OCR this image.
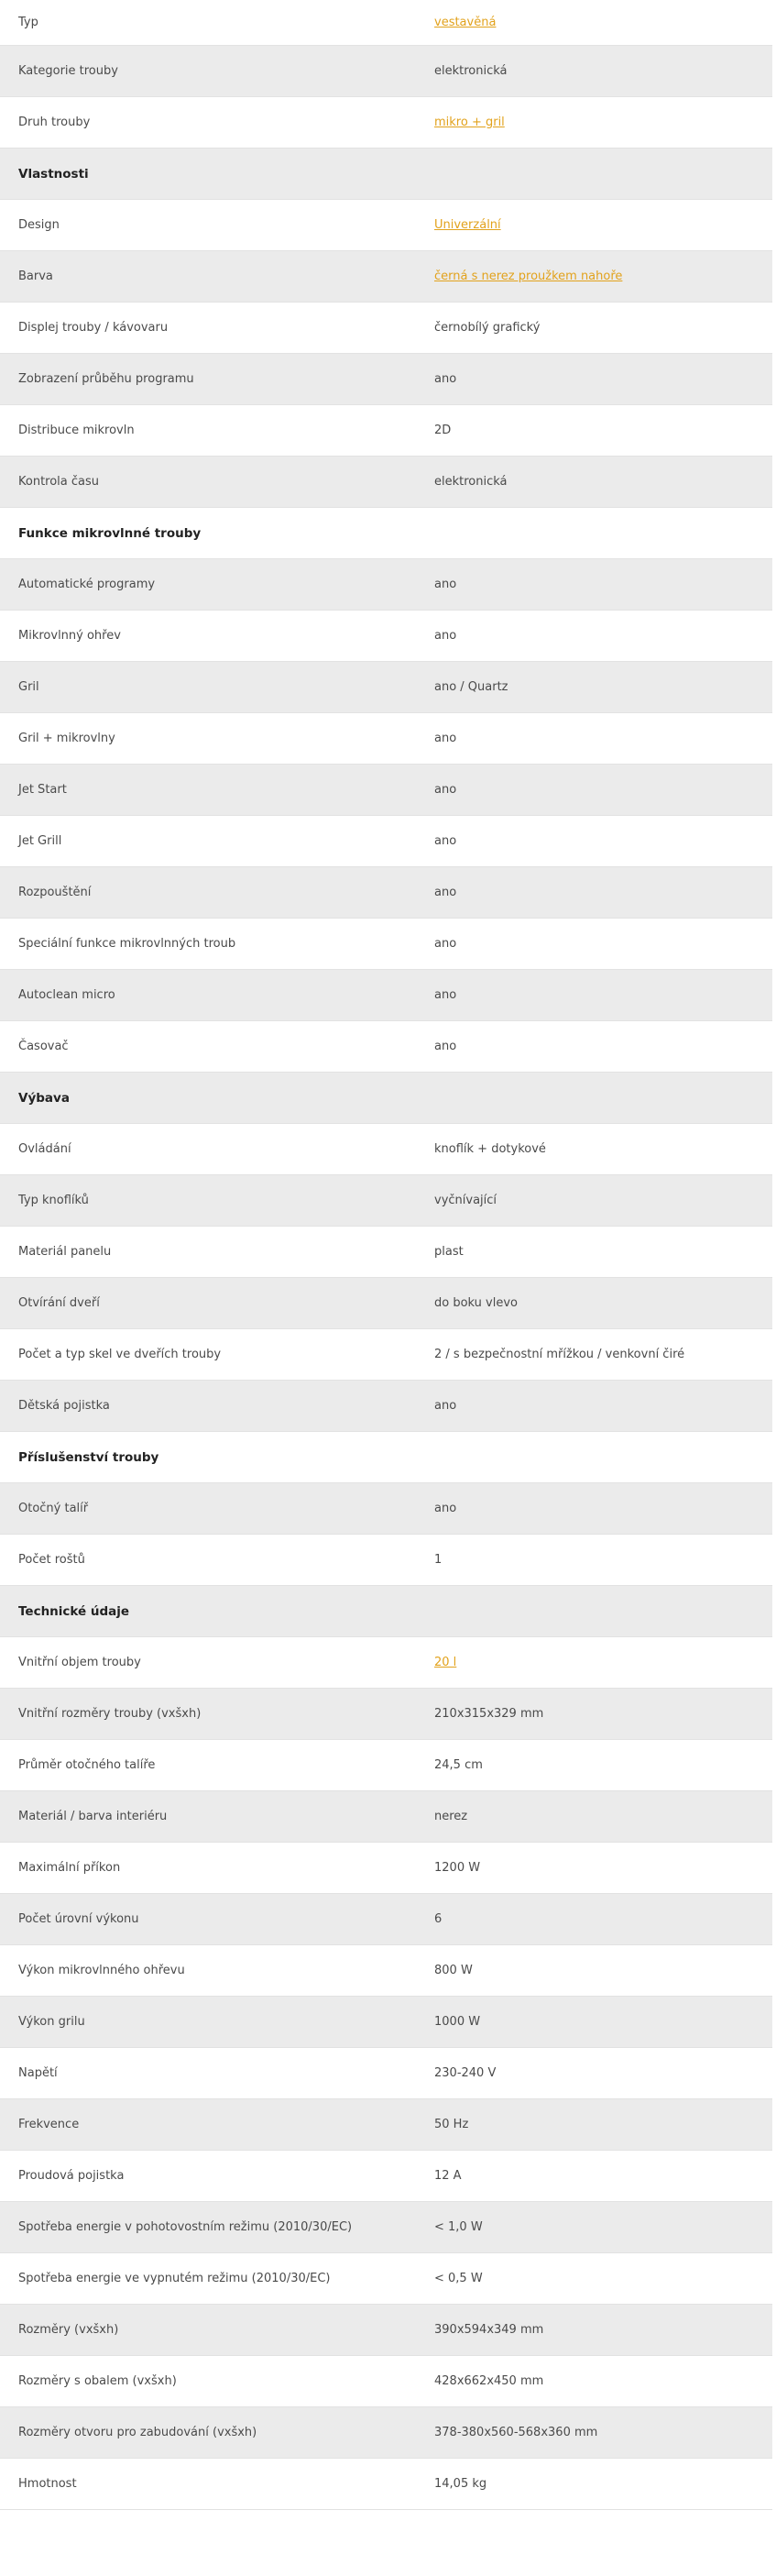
Typ	vestavěná
Kategorie trouby	elektronická
Druh trouby	mikro + gril
Vlastnosti
Design	Univerzální
Barva	černá s nerez proužkem nahoře
Displej trouby / kávovaru	černobílý grafický
Zobrazení průběhu programu	ano
Distribuce mikrovln	2D
Kontrola času	elektronická
Funkce mikrovlnné trouby
Automatické programy	ano
Mikrovlnný ohřev	ano
Gril	ano / Quartz
Gril + mikrovlny	ano
Jet Start	ano
Jet Grill	ano
Rozpouštění	ano
Speciální funkce mikrovlnných troub	ano
Autoclean micro	ano
Časovač	ano
Výbava
Ovládání	knoflík + dotykové
Typ knoflíků	vyčnívající
Materiál panelu	plast
Otvírání dveří	do boku vlevo
Počet a typ skel ve dveřích trouby	2 / s bezpečnostní mřížkou / venkovní čiré
Dětská pojistka	ano
Příslušenství trouby
Otočný talíř	ano
Počet roštů	1
Technické údaje
Vnitřní objem trouby	20 l
Vnitřní rozměry trouby (vxšxh)	210x315x329 mm
Průměr otočného talíře	24,5 cm
Materiál / barva interiéru	nerez
Maximální příkon	1200 W
Počet úrovní výkonu	6
Výkon mikrovlnného ohřevu	800 W
Výkon grilu	1000 W
Napětí	230-240 V
Frekvence	50 Hz
Proudová pojistka	12 A
Spotřeba energie v pohotovostním režimu (2010/30/EC)	< 1,0 W
Spotřeba energie ve vypnutém režimu (2010/30/EC)	< 0,5 W
Rozměry (vxšxh)	390x594x349 mm
Rozměry s obalem (vxšxh)	428x662x450 mm
Rozměry otvoru pro zabudování (vxšxh)	378-380x560-568x360 mm
Hmotnost	14,05 kg
